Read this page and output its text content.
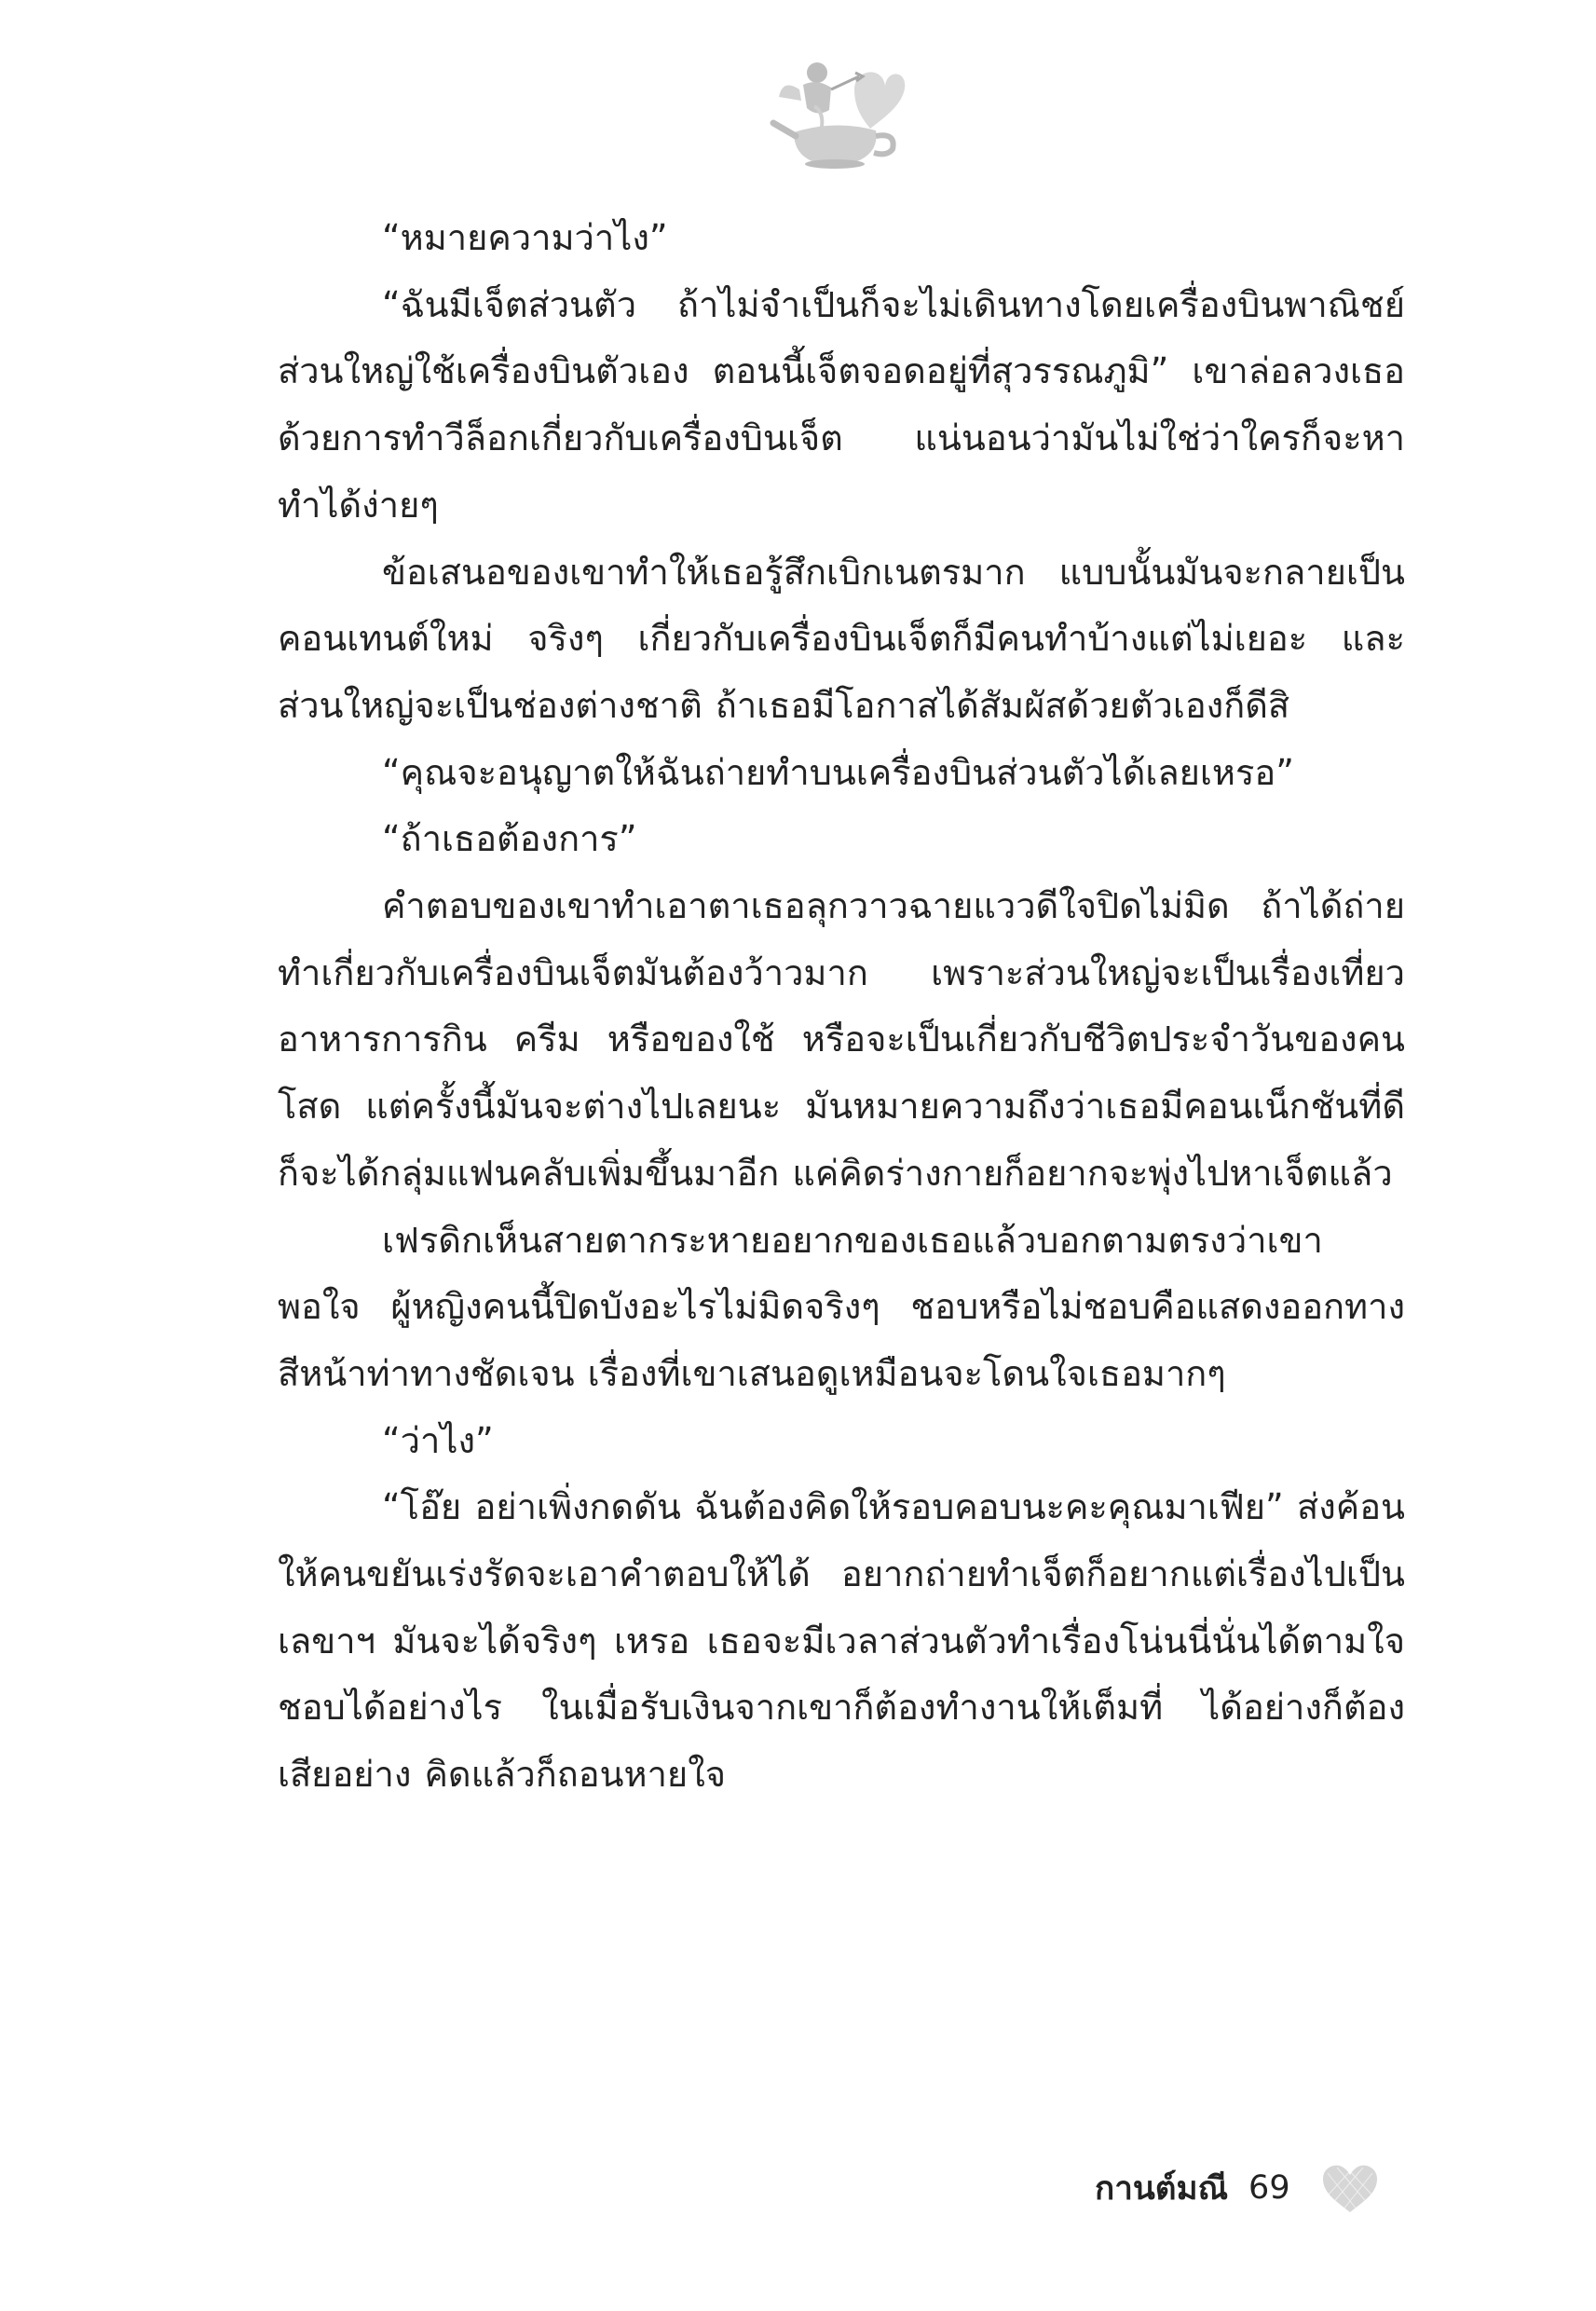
“หมายความว่าไง”

“ฉันมีเจ็ตส่วนตัว ถ้าไม่จำเป็นก็จะไม่เดินทางโดยเครื่องบินพาณิชย์ ส่วนใหญ่ใช้เครื่องบินตัวเอง ตอนนี้เจ็ตจอดอยู่ที่สุวรรณภูมิ” เขาล่อลวงเธอด้วยการทำวีล็อกเกี่ยวกับเครื่องบินเจ็ต แน่นอนว่ามันไม่ใช่ว่าใครก็จะหาทำได้ง่ายๆ

ข้อเสนอของเขาทำให้เธอรู้สึกเบิกเนตรมาก แบบนั้นมันจะกลายเป็นคอนเทนต์ใหม่ จริงๆ เกี่ยวกับเครื่องบินเจ็ตก็มีคนทำบ้างแต่ไม่เยอะ และส่วนใหญ่จะเป็นช่องต่างชาติ ถ้าเธอมีโอกาสได้สัมผัสด้วยตัวเองก็ดีสิ

“คุณจะอนุญาตให้ฉันถ่ายทำบนเครื่องบินส่วนตัวได้เลยเหรอ”

“ถ้าเธอต้องการ”

คำตอบของเขาทำเอาตาเธอลุกวาวฉายแววดีใจปิดไม่มิด ถ้าได้ถ่ายทำเกี่ยวกับเครื่องบินเจ็ตมันต้องว้าวมาก เพราะส่วนใหญ่จะเป็นเรื่องเที่ยว อาหารการกิน ครีม หรือของใช้ หรือจะเป็นเกี่ยวกับชีวิตประจำวันของคนโสด แต่ครั้งนี้มันจะต่างไปเลยนะ มันหมายความถึงว่าเธอมีคอนเน็กชันที่ดี ก็จะได้กลุ่มแฟนคลับเพิ่มขึ้นมาอีก แค่คิดร่างกายก็อยากจะพุ่งไปหาเจ็ตแล้ว

เฟรดิกเห็นสายตากระหายอยากของเธอแล้วบอกตามตรงว่าเขาพอใจ ผู้หญิงคนนี้ปิดบังอะไรไม่มิดจริงๆ ชอบหรือไม่ชอบคือแสดงออกทางสีหน้าท่าทางชัดเจน เรื่องที่เขาเสนอดูเหมือนจะโดนใจเธอมากๆ

“ว่าไง”

“โอ๊ย อย่าเพิ่งกดดัน ฉันต้องคิดให้รอบคอบนะคะคุณมาเฟีย” ส่งค้อนให้คนขยันเร่งรัดจะเอาคำตอบให้ได้ อยากถ่ายทำเจ็ตก็อยากแต่เรื่องไปเป็นเลขาฯ มันจะได้จริงๆ เหรอ เธอจะมีเวลาส่วนตัวทำเรื่องโน่นนี่นั่นได้ตามใจชอบได้อย่างไร ในเมื่อรับเงินจากเขาก็ต้องทำงานให้เต็มที่ ได้อย่างก็ต้องเสียอย่าง คิดแล้วก็ถอนหายใจ

กานต์มณี 69
